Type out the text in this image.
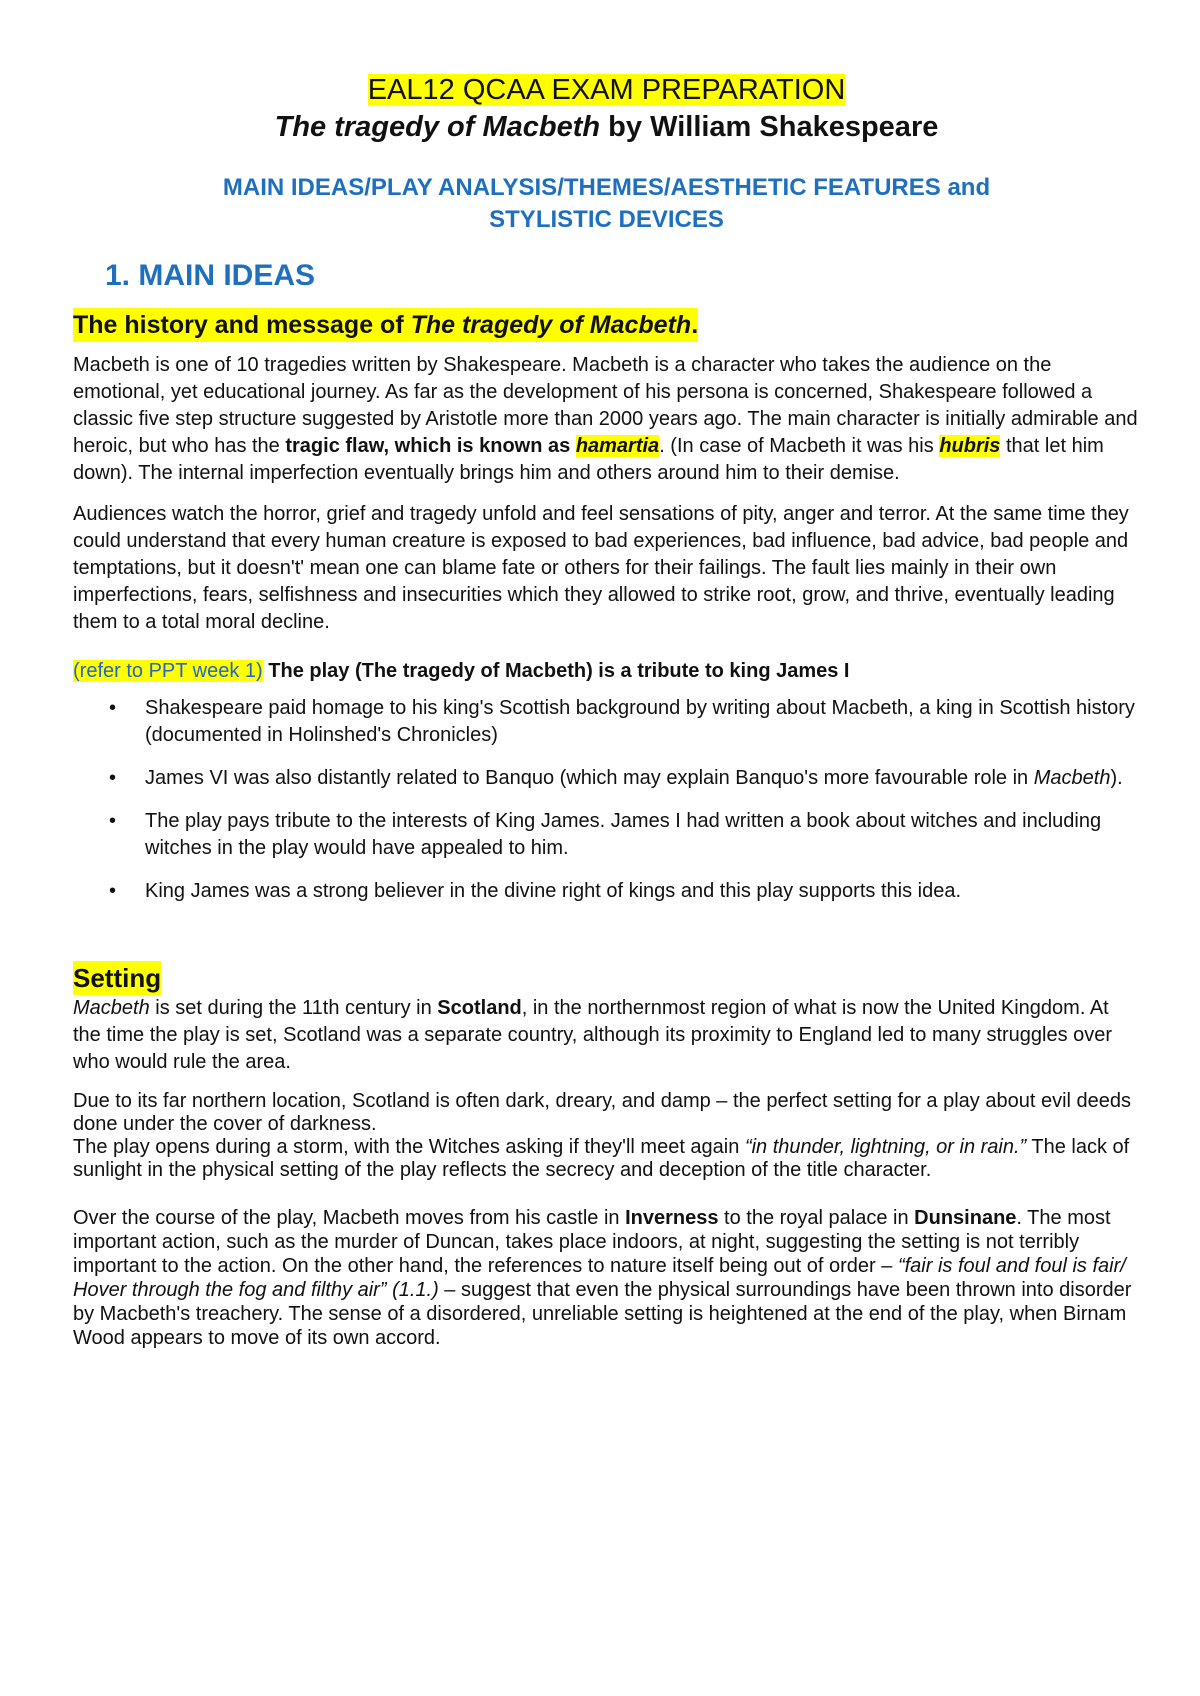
EAL12 QCAA EXAM PREPARATION

The tragedy of Macbeth by William Shakespeare

MAIN IDEAS/PLAY ANALYSIS/THEMES/AESTHETIC FEATURES and
STYLISTIC DEVICES

1. MAIN IDEAS

The history and message of The tragedy of Macbeth.

Macbeth is one of 10 tragedies written by Shakespeare. Macbeth is a character who takes the audience on the emotional, yet educational journey. As far as the development of his persona is concerned, Shakespeare followed a classic five step structure suggested by Aristotle more than 2000 years ago. The main character is initially admirable and heroic, but who has the tragic flaw, which is known as hamartia. (In case of Macbeth it was his hubris that let him down). The internal imperfection eventually brings him and others around him to their demise.

Audiences watch the horror, grief and tragedy unfold and feel sensations of pity, anger and terror. At the same time they could understand that every human creature is exposed to bad experiences, bad influence, bad advice, bad people and temptations, but it doesn't' mean one can blame fate or others for their failings. The fault lies mainly in their own imperfections, fears, selfishness and insecurities which they allowed to strike root, grow, and thrive, eventually leading them to a total moral decline.

(refer to PPT week 1) The play (The tragedy of Macbeth) is a tribute to king James I

• Shakespeare paid homage to his king's Scottish background by writing about Macbeth, a king in Scottish history (documented in Holinshed's Chronicles)
• James VI was also distantly related to Banquo (which may explain Banquo's more favourable role in Macbeth).
• The play pays tribute to the interests of King James. James I had written a book about witches and including witches in the play would have appealed to him.
• King James was a strong believer in the divine right of kings and this play supports this idea.
Setting

Macbeth is set during the 11th century in Scotland, in the northernmost region of what is now the United Kingdom. At the time the play is set, Scotland was a separate country, although its proximity to England led to many struggles over who would rule the area.

Due to its far northern location, Scotland is often dark, dreary, and damp – the perfect setting for a play about evil deeds done under the cover of darkness.
The play opens during a storm, with the Witches asking if they'll meet again “in thunder, lightning, or in rain.” The lack of sunlight in the physical setting of the play reflects the secrecy and deception of the title character.

Over the course of the play, Macbeth moves from his castle in Inverness to the royal palace in Dunsinane. The most important action, such as the murder of Duncan, takes place indoors, at night, suggesting the setting is not terribly important to the action. On the other hand, the references to nature itself being out of order – “fair is foul and foul is fair/ Hover through the fog and filthy air” (1.1.) – suggest that even the physical surroundings have been thrown into disorder by Macbeth's treachery. The sense of a disordered, unreliable setting is heightened at the end of the play, when Birnam Wood appears to move of its own accord.
